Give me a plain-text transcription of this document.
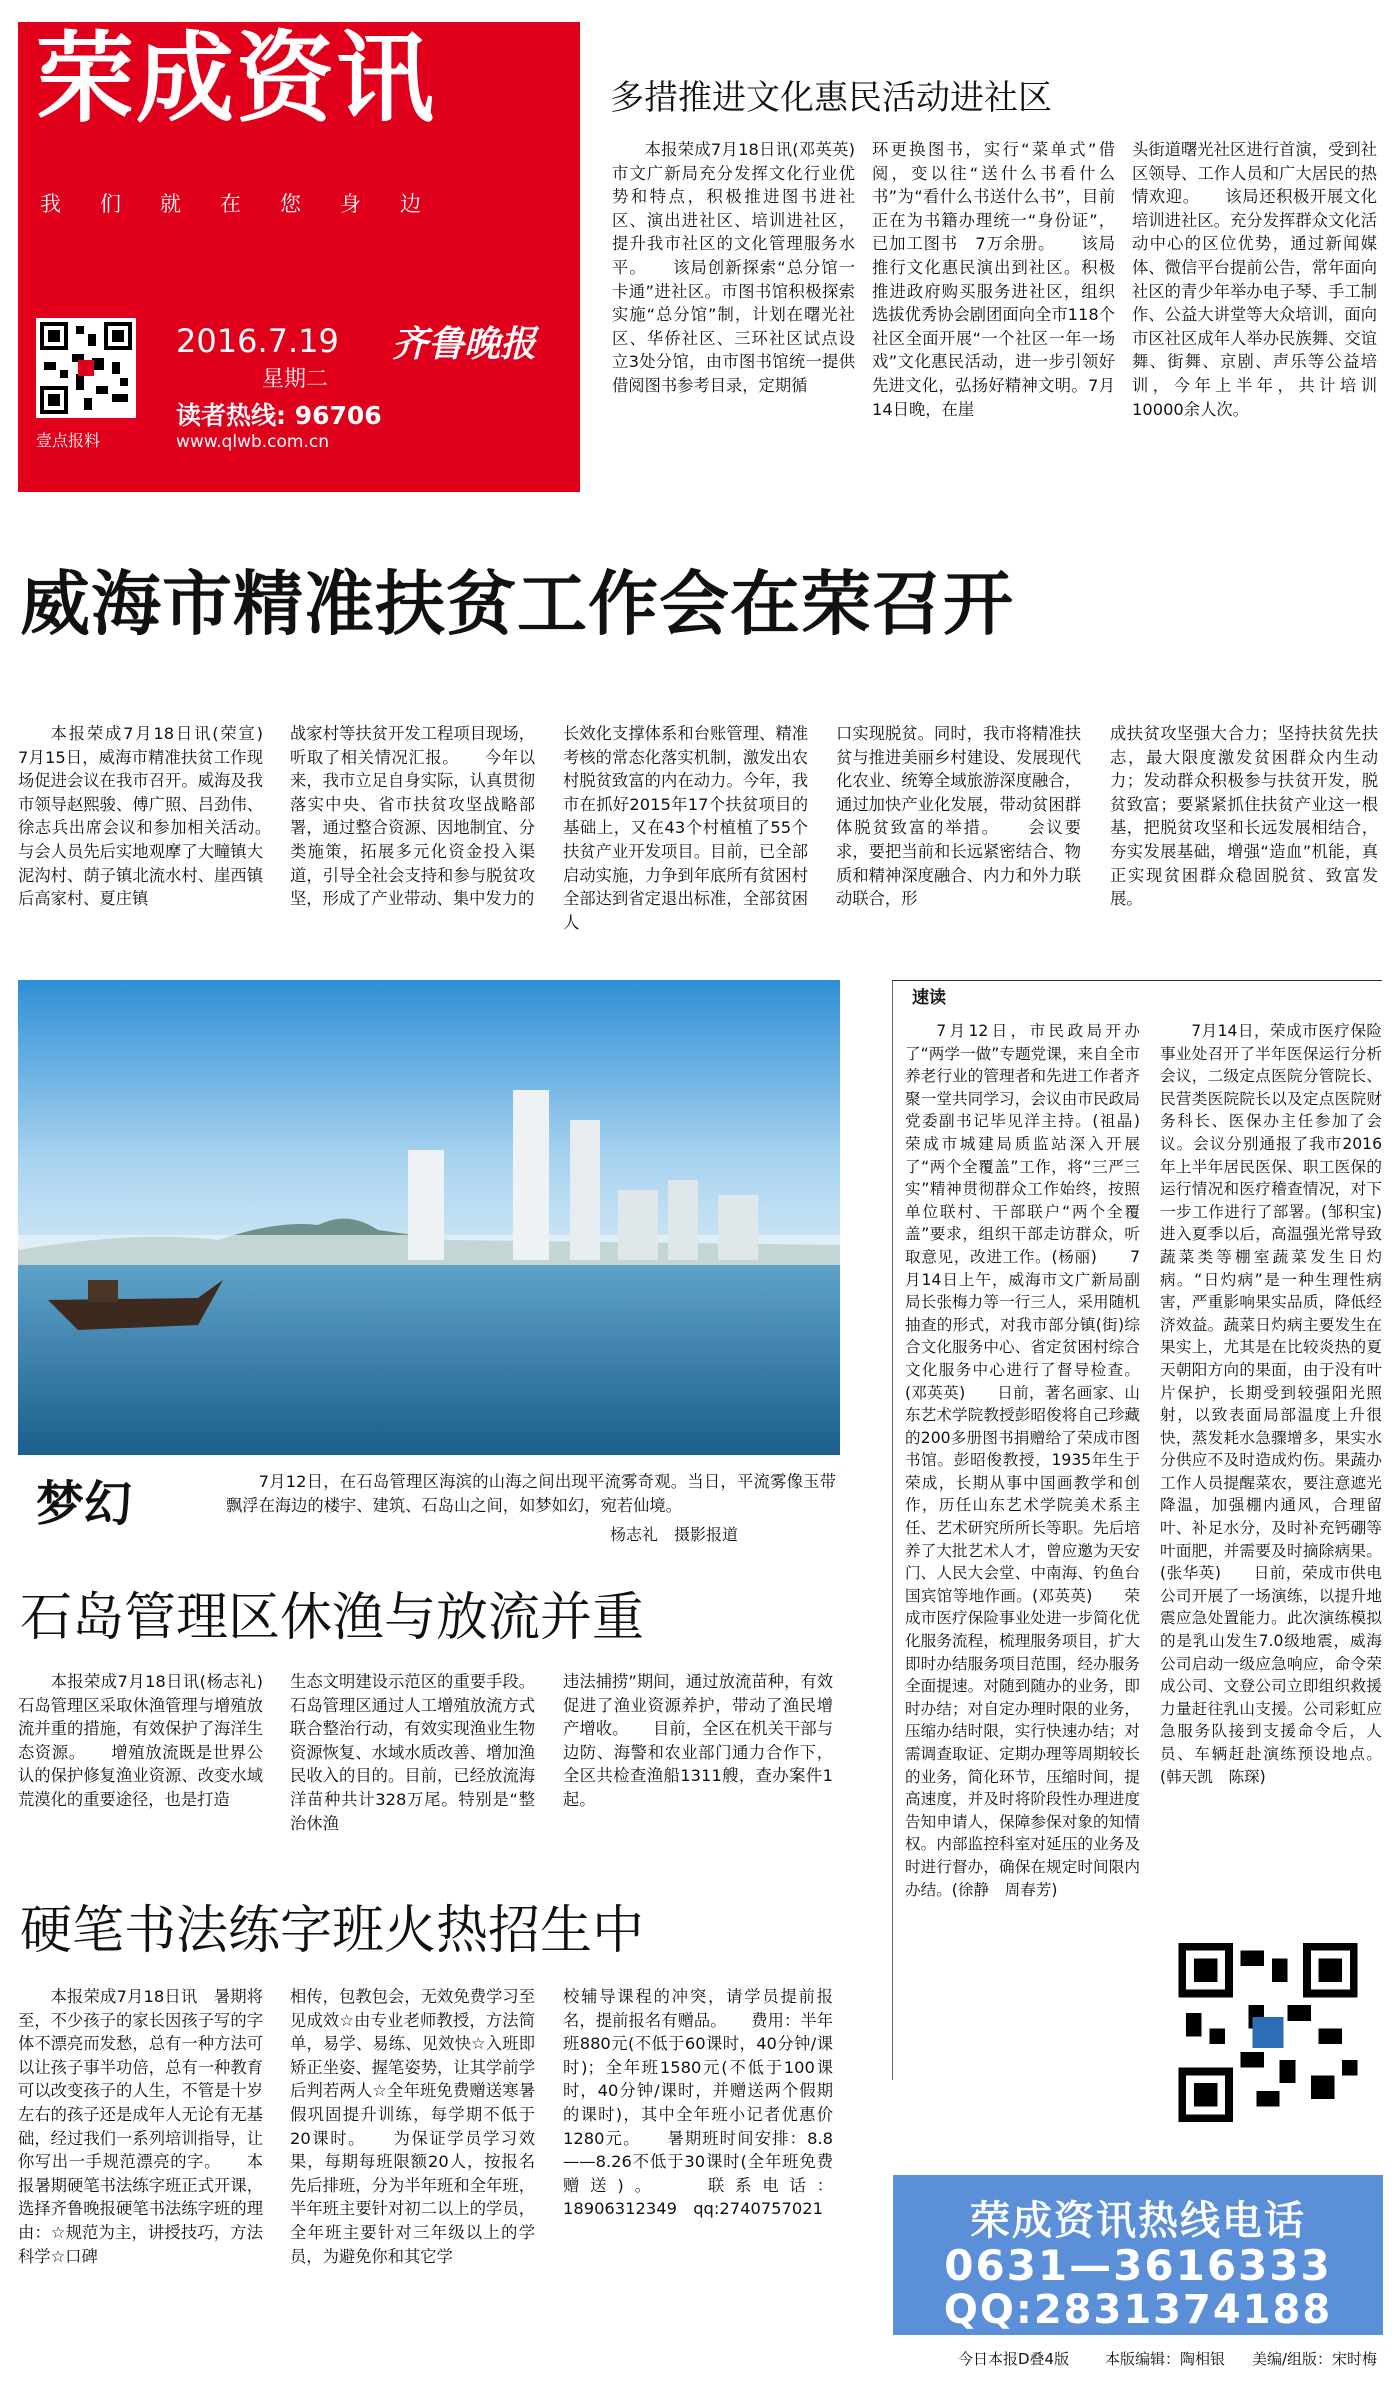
荣成资讯
我们就在您身边
壹点报料
2016.7.19
星期二
齐鲁晚报
读者热线: 96706
www.qlwb.com.cn
多措推进文化惠民活动进社区

本报荣成7月18日讯(邓英英)　市文广新局充分发挥文化行业优势和特点，积极推进图书进社区、演出进社区、培训进社区，提升我市社区的文化管理服务水平。　　该局创新探索“总分馆一卡通”进社区。市图书馆积极探索实施“总分馆”制，计划在曙光社区、华侨社区、三环社区试点设立3处分馆，由市图书馆统一提供借阅图书参考目录，定期循

环更换图书，实行“菜单式”借阅，变以往“送什么书看什么书”为“看什么书送什么书”，目前正在为书籍办理统一“身份证”，已加工图书　7万余册。　　该局推行文化惠民演出到社区。积极推进政府购买服务进社区，组织选拔优秀协会剧团面向全市118个社区全面开展“一个社区一年一场戏”文化惠民活动，进一步引领好先进文化，弘扬好精神文明。7月14日晚，在崖

头街道曙光社区进行首演，受到社区领导、工作人员和广大居民的热情欢迎。　　该局还积极开展文化培训进社区。充分发挥群众文化活动中心的区位优势，通过新闻媒体、微信平台提前公告，常年面向社区的青少年举办电子琴、手工制作、公益大讲堂等大众培训，面向市区社区成年人举办民族舞、交谊舞、街舞、京剧、声乐等公益培训，今年上半年，共计培训10000余人次。

威海市精准扶贫工作会在荣召开

本报荣成7月18日讯(荣宣)　7月15日，威海市精准扶贫工作现场促进会议在我市召开。威海及我市领导赵熙骏、傅广照、吕劲伟、徐志兵出席会议和参加相关活动。　　与会人员先后实地观摩了大疃镇大泥沟村、荫子镇北流水村、崖西镇后高家村、夏庄镇

战家村等扶贫开发工程项目现场，听取了相关情况汇报。　　今年以来，我市立足自身实际，认真贯彻落实中央、省市扶贫攻坚战略部署，通过整合资源、因地制宜、分类施策，拓展多元化资金投入渠道，引导全社会支持和参与脱贫攻坚，形成了产业带动、集中发力的

长效化支撑体系和台账管理、精准考核的常态化落实机制，激发出农村脱贫致富的内在动力。今年，我市在抓好2015年17个扶贫项目的基础上，又在43个村植植了55个扶贫产业开发项目。目前，已全部启动实施，力争到年底所有贫困村全部达到省定退出标准，全部贫困人

口实现脱贫。同时，我市将精准扶贫与推进美丽乡村建设、发展现代化农业、统筹全域旅游深度融合，通过加快产业化发展，带动贫困群体脱贫致富的举措。　　会议要求，要把当前和长远紧密结合、物质和精神深度融合、内力和外力联动联合，形

成扶贫攻坚强大合力；坚持扶贫先扶志，最大限度激发贫困群众内生动力；发动群众积极参与扶贫开发，脱贫致富；要紧紧抓住扶贫产业这一根基，把脱贫攻坚和长远发展相结合，夯实发展基础，增强“造血”机能，真正实现贫困群众稳固脱贫、致富发展。

梦幻	7月12日，在石岛管理区海滨的山海之间出现平流雾奇观。当日，平流雾像玉带飘浮在海边的楼宇、建筑、石岛山之间，如梦如幻，宛若仙境。

杨志礼　摄影报道
石岛管理区休渔与放流并重

本报荣成7月18日讯(杨志礼)　石岛管理区采取休渔管理与增殖放流并重的措施，有效保护了海洋生态资源。　　增殖放流既是世界公认的保护修复渔业资源、改变水域荒漠化的重要途径，也是打造

生态文明建设示范区的重要手段。石岛管理区通过人工增殖放流方式联合整治行动，有效实现渔业生物资源恢复、水域水质改善、增加渔民收入的目的。目前，已经放流海洋苗种共计328万尾。特别是“整治休渔

违法捕捞”期间，通过放流苗种，有效促进了渔业资源养护，带动了渔民增产增收。　　目前，全区在机关干部与边防、海警和农业部门通力合作下，全区共检查渔船1311艘，查办案件1起。

硬笔书法练字班火热招生中

本报荣成7月18日讯　暑期将至，不少孩子的家长因孩子写的字体不漂亮而发愁，总有一种方法可以让孩子事半功倍，总有一种教育可以改变孩子的人生，不管是十岁左右的孩子还是成年人无论有无基础，经过我们一系列培训指导，让你写出一手规范漂亮的字。　　本报暑期硬笔书法练字班正式开课，选择齐鲁晚报硬笔书法练字班的理由：☆规范为主，讲授技巧，方法科学☆口碑

相传，包教包会，无效免费学习至见成效☆由专业老师教授，方法简单，易学、易练、见效快☆入班即矫正坐姿、握笔姿势，让其学前学后判若两人☆全年班免费赠送寒暑假巩固提升训练，每学期不低于20课时。　　为保证学员学习效果，每期每班限额20人，按报名先后排班，分为半年班和全年班，半年班主要针对初二以上的学员，全年班主要针对三年级以上的学员，为避免你和其它学

校辅导课程的冲突，请学员提前报名，提前报名有赠品。　　费用：半年班880元(不低于60课时，40分钟/课时)；全年班1580元(不低于100课时，40分钟/课时，并赠送两个假期的课时)，其中全年班小记者优惠价1280元。　　暑期班时间安排：8.8——8.26不低于30课时(全年班免费赠送)。　　联系电话：18906312349　qq:2740757021

速读

7月12日，市民政局开办了“两学一做”专题党课，来自全市养老行业的管理者和先进工作者齐聚一堂共同学习，会议由市民政局党委副书记毕见洋主持。(祖晶)　　荣成市城建局质监站深入开展了“两个全覆盖”工作，将“三严三实”精神贯彻群众工作始终，按照单位联村、干部联户“两个全覆盖”要求，组织干部走访群众，听取意见，改进工作。(杨丽)　　7月14日上午，威海市文广新局副局长张梅力等一行三人，采用随机抽查的形式，对我市部分镇(街)综合文化服务中心、省定贫困村综合文化服务中心进行了督导检查。(邓英英)　　日前，著名画家、山东艺术学院教授彭昭俊将自己珍藏的200多册图书捐赠给了荣成市图书馆。彭昭俊教授，1935年生于荣成，长期从事中国画教学和创作，历任山东艺术学院美术系主任、艺术研究所所长等职。先后培养了大批艺术人才，曾应邀为天安门、人民大会堂、中南海、钓鱼台国宾馆等地作画。(邓英英)　　荣成市医疗保险事业处进一步简化优化服务流程，梳理服务项目，扩大即时办结服务项目范围，经办服务全面提速。对随到随办的业务，即时办结；对自定办理时限的业务，压缩办结时限，实行快速办结；对需调查取证、定期办理等周期较长的业务，简化环节，压缩时间，提高速度，并及时将阶段性办理进度告知申请人，保障参保对象的知情权。内部监控科室对延压的业务及时进行督办，确保在规定时间限内办结。(徐静　周春芳)

7月14日，荣成市医疗保险事业处召开了半年医保运行分析会议，二级定点医院分管院长、民营类医院院长以及定点医院财务科长、医保办主任参加了会议。会议分别通报了我市2016年上半年居民医保、职工医保的运行情况和医疗稽查情况，对下一步工作进行了部署。(邹积宝)　　进入夏季以后，高温强光常导致蔬菜类等棚室蔬菜发生日灼病。“日灼病”是一种生理性病害，严重影响果实品质，降低经济效益。蔬菜日灼病主要发生在果实上，尤其是在比较炎热的夏天朝阳方向的果面，由于没有叶片保护，长期受到较强阳光照射，以致表面局部温度上升很快，蒸发耗水急骤增多，果实水分供应不及时造成灼伤。果蔬办工作人员提醒菜农，要注意遮光降温，加强棚内通风，合理留叶、补足水分，及时补充钙硼等叶面肥，并需要及时摘除病果。(张华英)　　日前，荣成市供电公司开展了一场演练，以提升地震应急处置能力。此次演练模拟的是乳山发生7.0级地震，威海公司启动一级应急响应，命令荣成公司、文登公司立即组织救援力量赶往乳山支援。公司彩虹应急服务队接到支援命令后，人员、车辆赶赴演练预设地点。(韩天凯　陈琛)

荣成资讯热线电话
0631—3616333
QQ:2831374188
今日本报D叠4版 本版编辑：陶相银 美编/组版：宋时梅
